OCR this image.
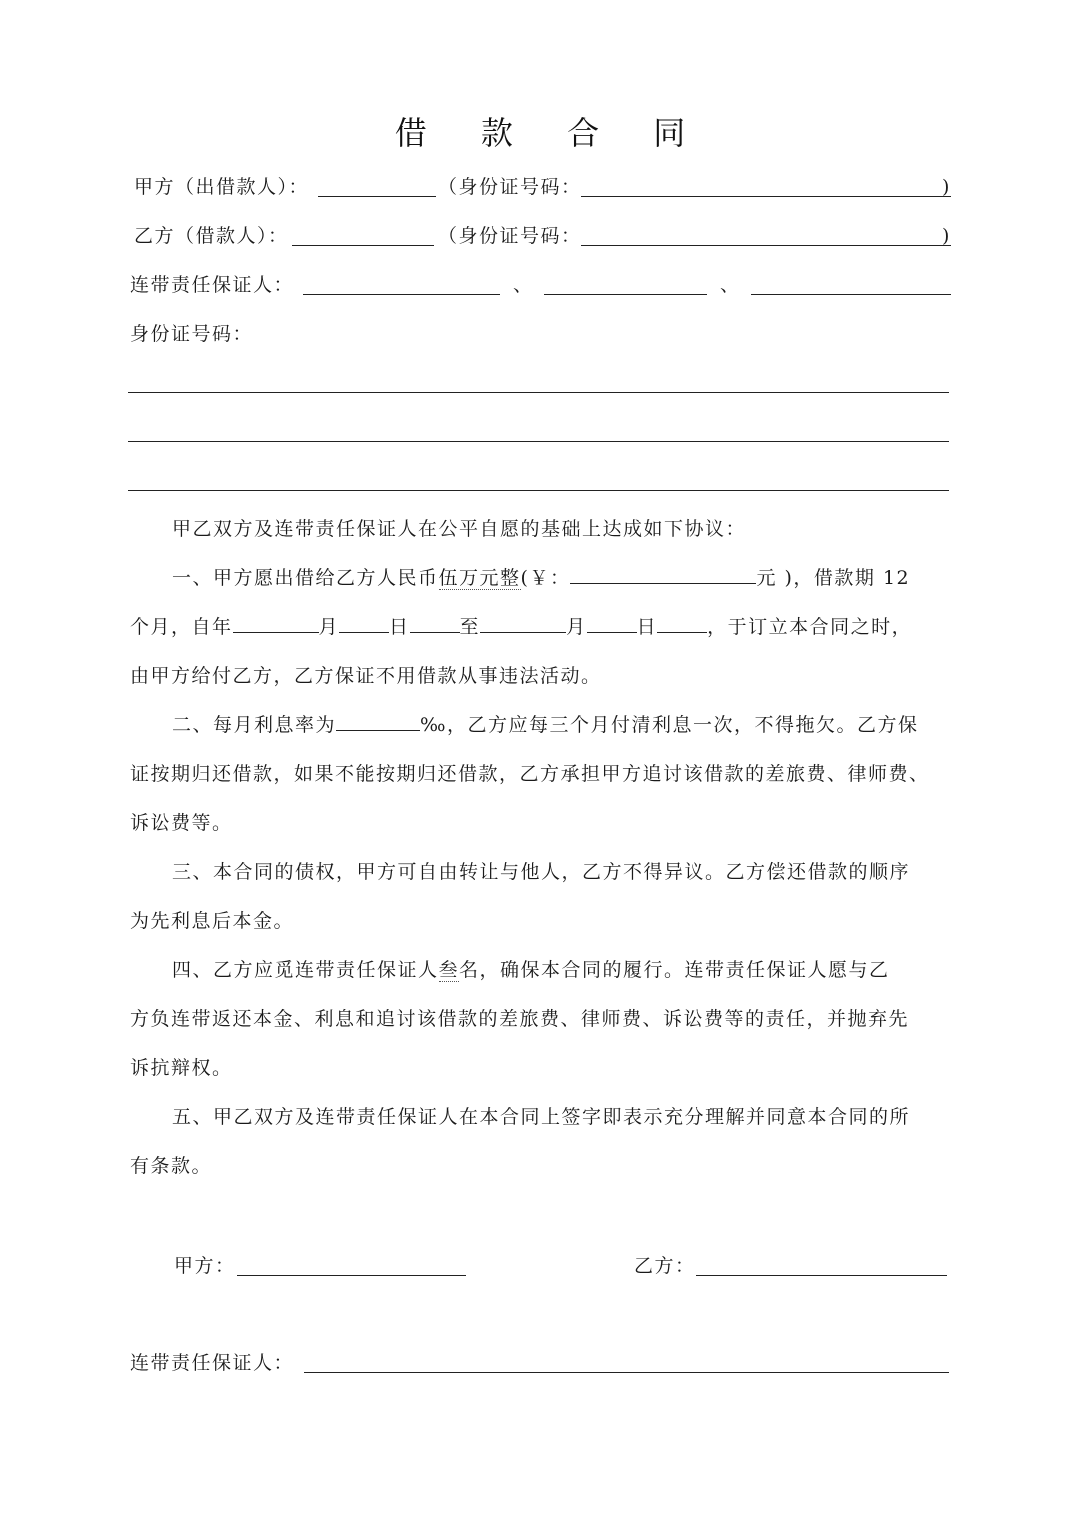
借 款 合 同
甲方（出借款人）：	（身份证号码：	)
乙方（借款人）：	（身份证号码：	)
连带责任保证人：	、	、
身份证号码：
甲乙双方及连带责任保证人在公平自愿的基础上达成如下协议：
一、甲方愿出借给乙方人民币伍万元整(￥：	元 )，借款期 12
个月，自年	月	日	至	月	日	，于订立本合同之时，
由甲方给付乙方，乙方保证不用借款从事违法活动。
二、每月利息率为	‰，乙方应每三个月付清利息一次，不得拖欠。乙方保
证按期归还借款，如果不能按期归还借款，乙方承担甲方追讨该借款的差旅费、律师费、
诉讼费等。
三、本合同的债权，甲方可自由转让与他人，乙方不得异议。乙方偿还借款的顺序
为先利息后本金。
四、乙方应觅连带责任保证人叁名，确保本合同的履行。连带责任保证人愿与乙
方负连带返还本金、利息和追讨该借款的差旅费、律师费、诉讼费等的责任，并抛弃先
诉抗辩权。
五、甲乙双方及连带责任保证人在本合同上签字即表示充分理解并同意本合同的所
有条款。
甲方：	乙方：
连带责任保证人：
